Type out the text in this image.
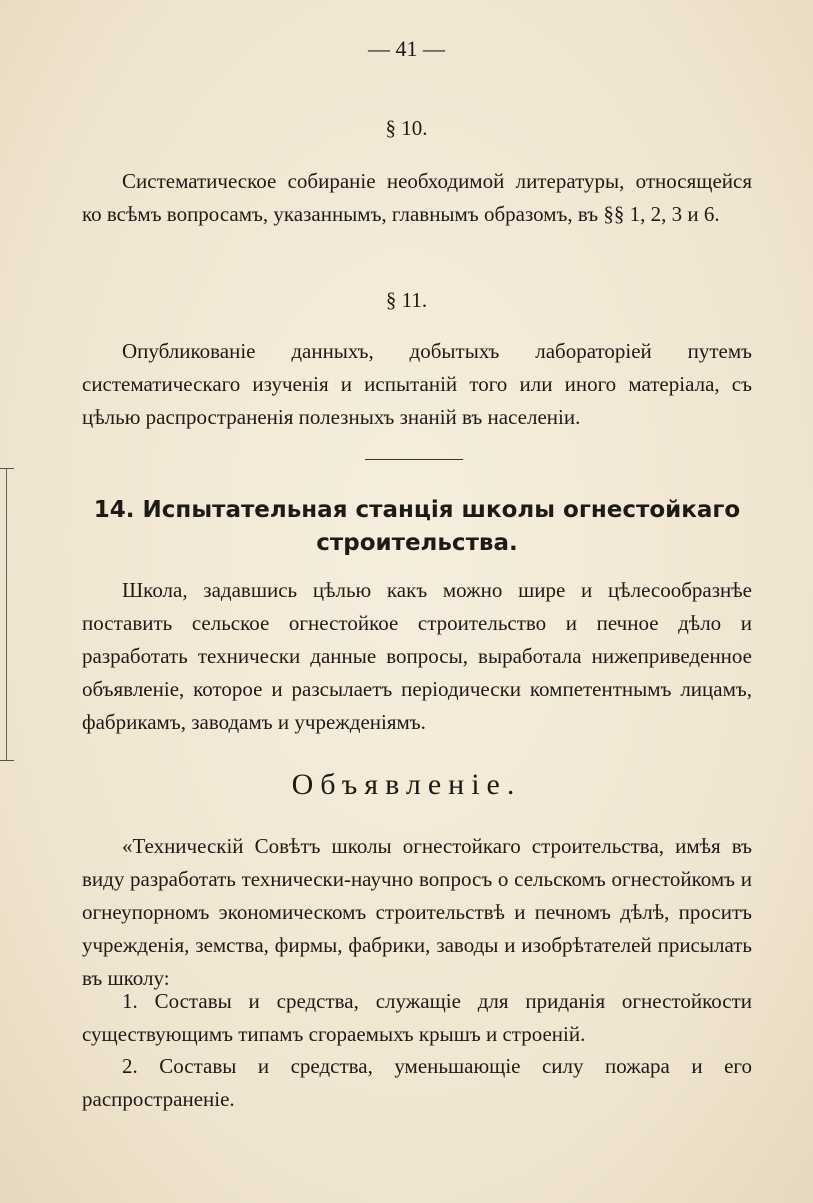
— 41 —
§ 10.

Систематическое собираніе необходимой литературы, относящейся ко всѣмъ вопросамъ, указаннымъ, главнымъ образомъ, въ §§ 1, 2, 3 и 6.

§ 11.

Опубликованіе данныхъ, добытыхъ лабораторіей путемъ систематическаго изученія и испытаній того или иного матеріала, съ цѣлью распространенія полезныхъ знаній въ населеніи.

14. Испытательная станція школы огнестойкаго строительства.

Школа, задавшись цѣлью какъ можно шире и цѣлесообразнѣе поставить сельское огнестойкое строительство и печное дѣло и разработать технически данные вопросы, выработала нижеприведенное объявленіе, которое и разсылаетъ періодически компетентнымъ лицамъ, фабрикамъ, заводамъ и учрежденіямъ.

Объявленіе.

«Техническій Совѣтъ школы огнестойкаго строительства, имѣя въ виду разработать технически-научно вопросъ о сельскомъ огнестойкомъ и огнеупорномъ экономическомъ строительствѣ и печномъ дѣлѣ, проситъ учрежденія, земства, фирмы, фабрики, заводы и изобрѣтателей присылать въ школу:

1. Составы и средства, служащіе для приданія огнестойкости существующимъ типамъ сгораемыхъ крышъ и строеній.

2. Составы и средства, уменьшающіе силу пожара и его распространеніе.
